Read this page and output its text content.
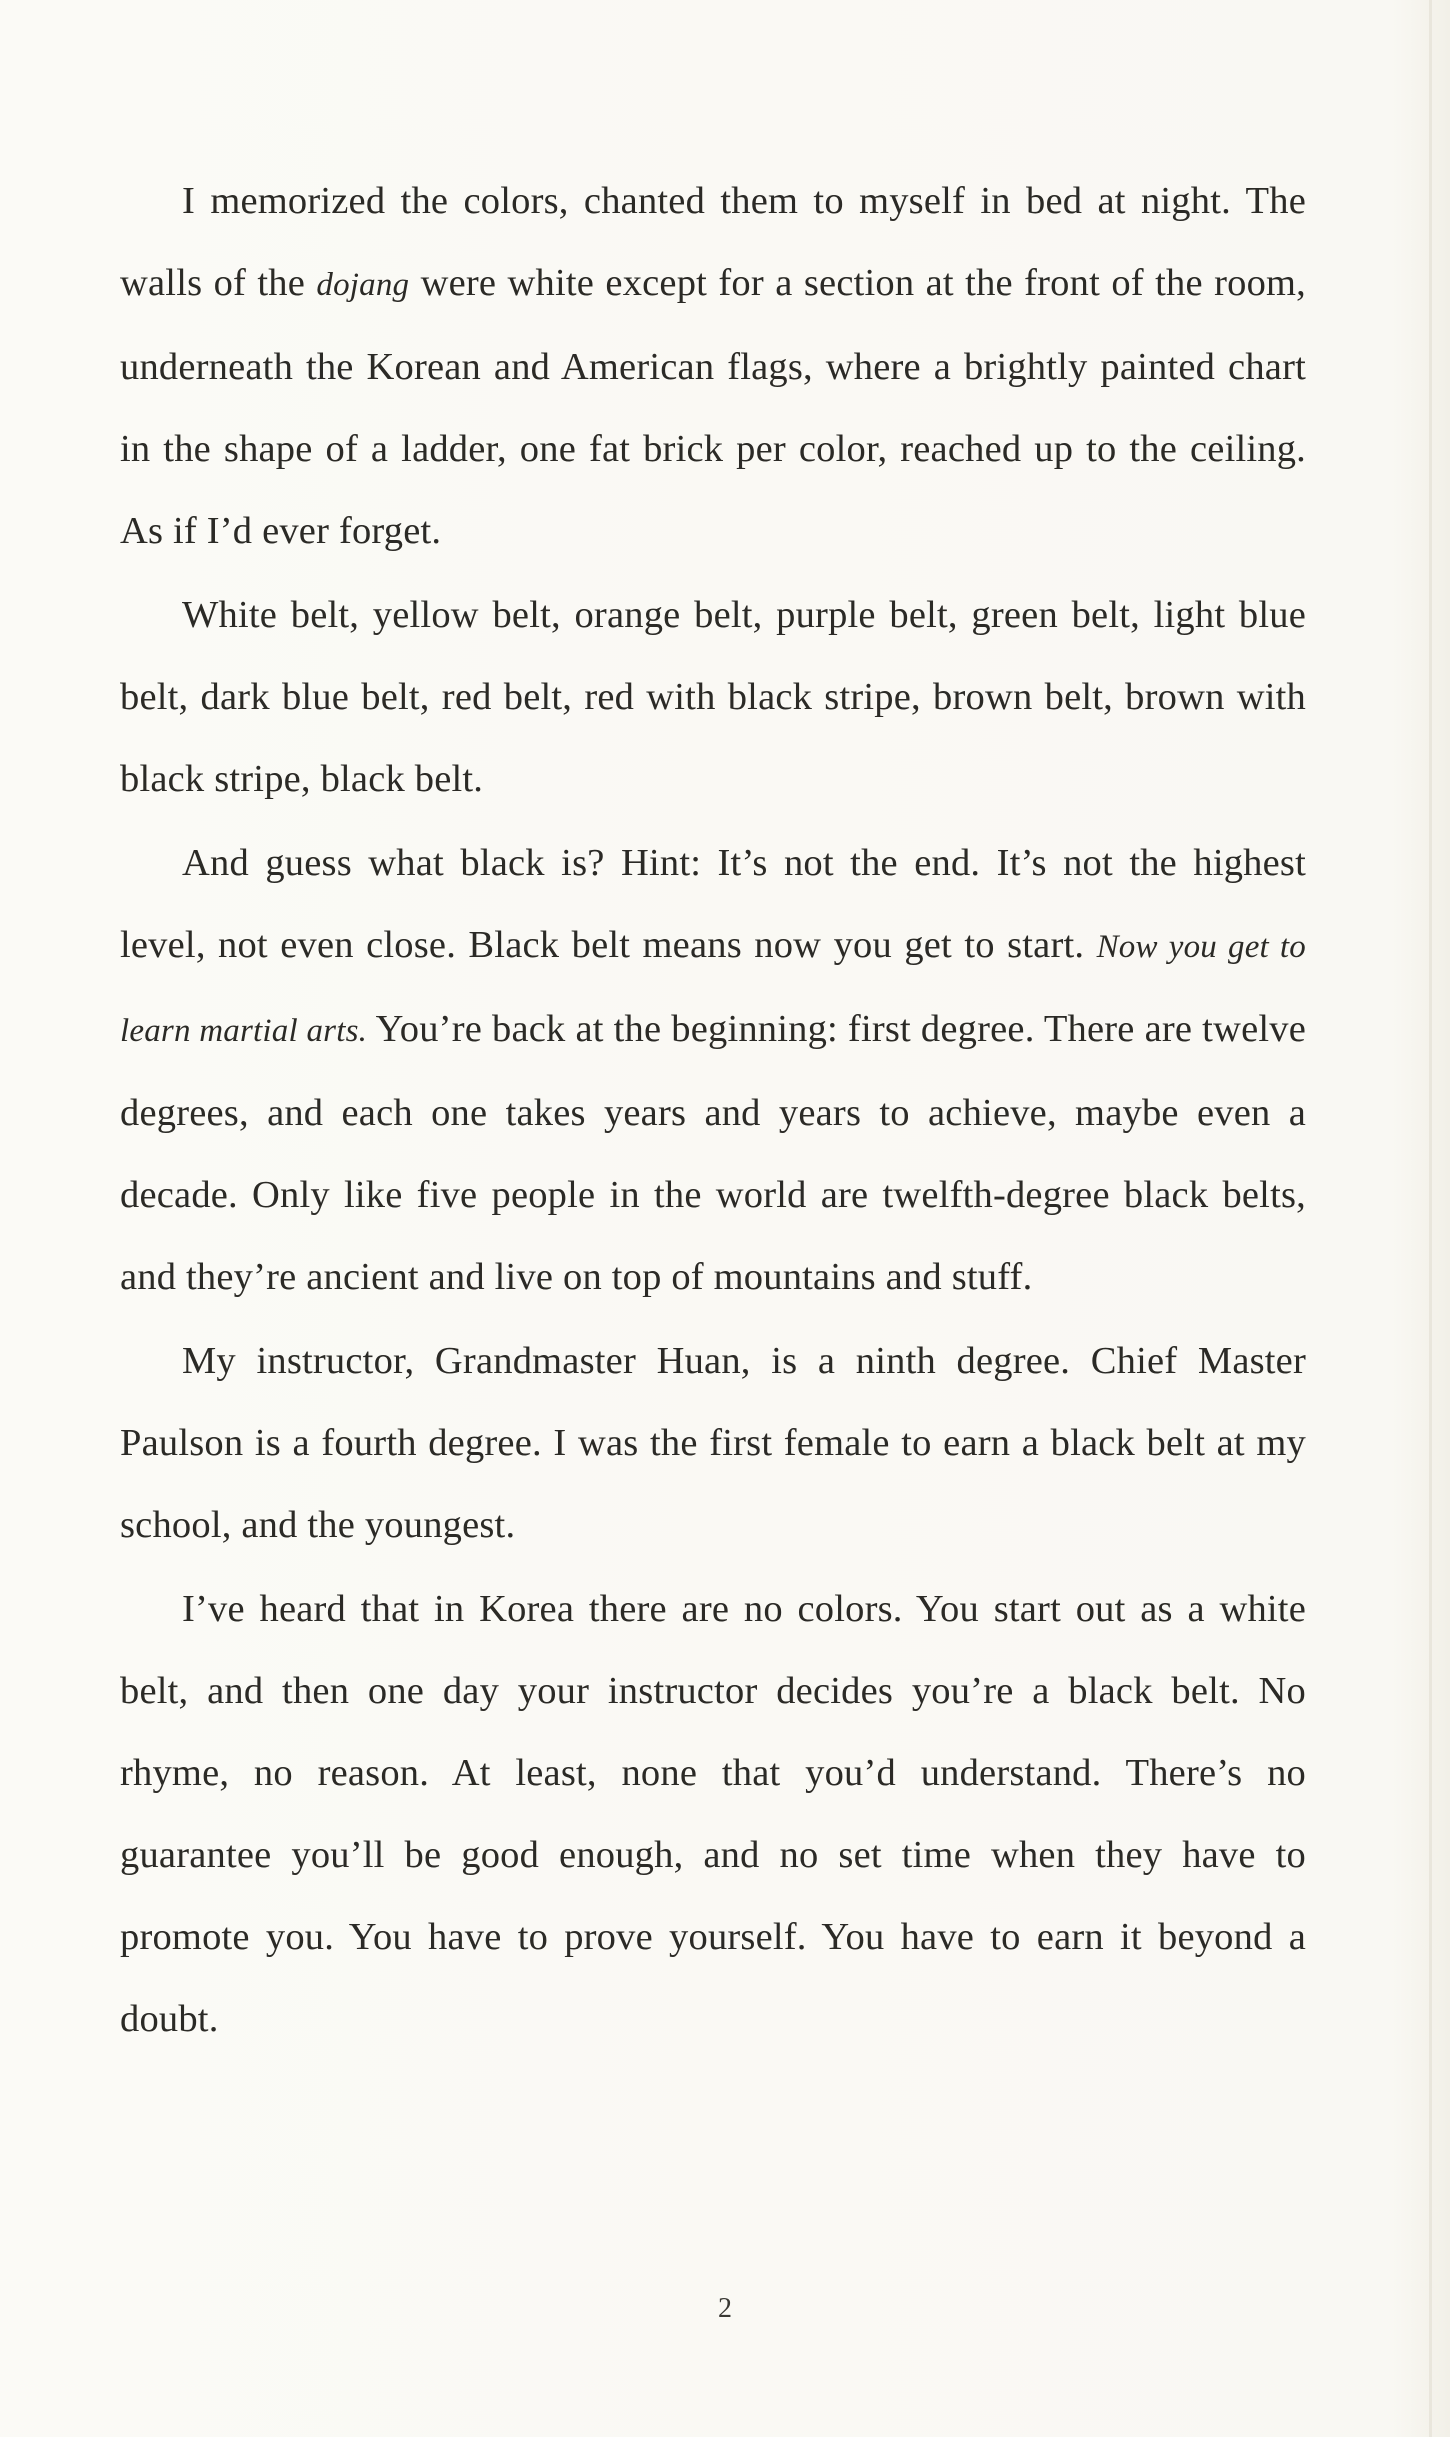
I memorized the colors, chanted them to myself in bed at night. The walls of the dojang were white except for a section at the front of the room, underneath the Korean and American flags, where a brightly painted chart in the shape of a ladder, one fat brick per color, reached up to the ceiling. As if I’d ever forget.

White belt, yellow belt, orange belt, purple belt, green belt, light blue belt, dark blue belt, red belt, red with black stripe, brown belt, brown with black stripe, black belt.

And guess what black is? Hint: It’s not the end. It’s not the highest level, not even close. Black belt means now you get to start. Now you get to learn martial arts. You’re back at the beginning: first degree. There are twelve degrees, and each one takes years and years to achieve, maybe even a decade. Only like five people in the world are twelfth-degree black belts, and they’re ancient and live on top of mountains and stuff.

My instructor, Grandmaster Huan, is a ninth degree. Chief Master Paulson is a fourth degree. I was the first female to earn a black belt at my school, and the youngest.

I’ve heard that in Korea there are no colors. You start out as a white belt, and then one day your instructor decides you’re a black belt. No rhyme, no reason. At least, none that you’d understand. There’s no guarantee you’ll be good enough, and no set time when they have to promote you. You have to prove yourself. You have to earn it beyond a doubt.

2
